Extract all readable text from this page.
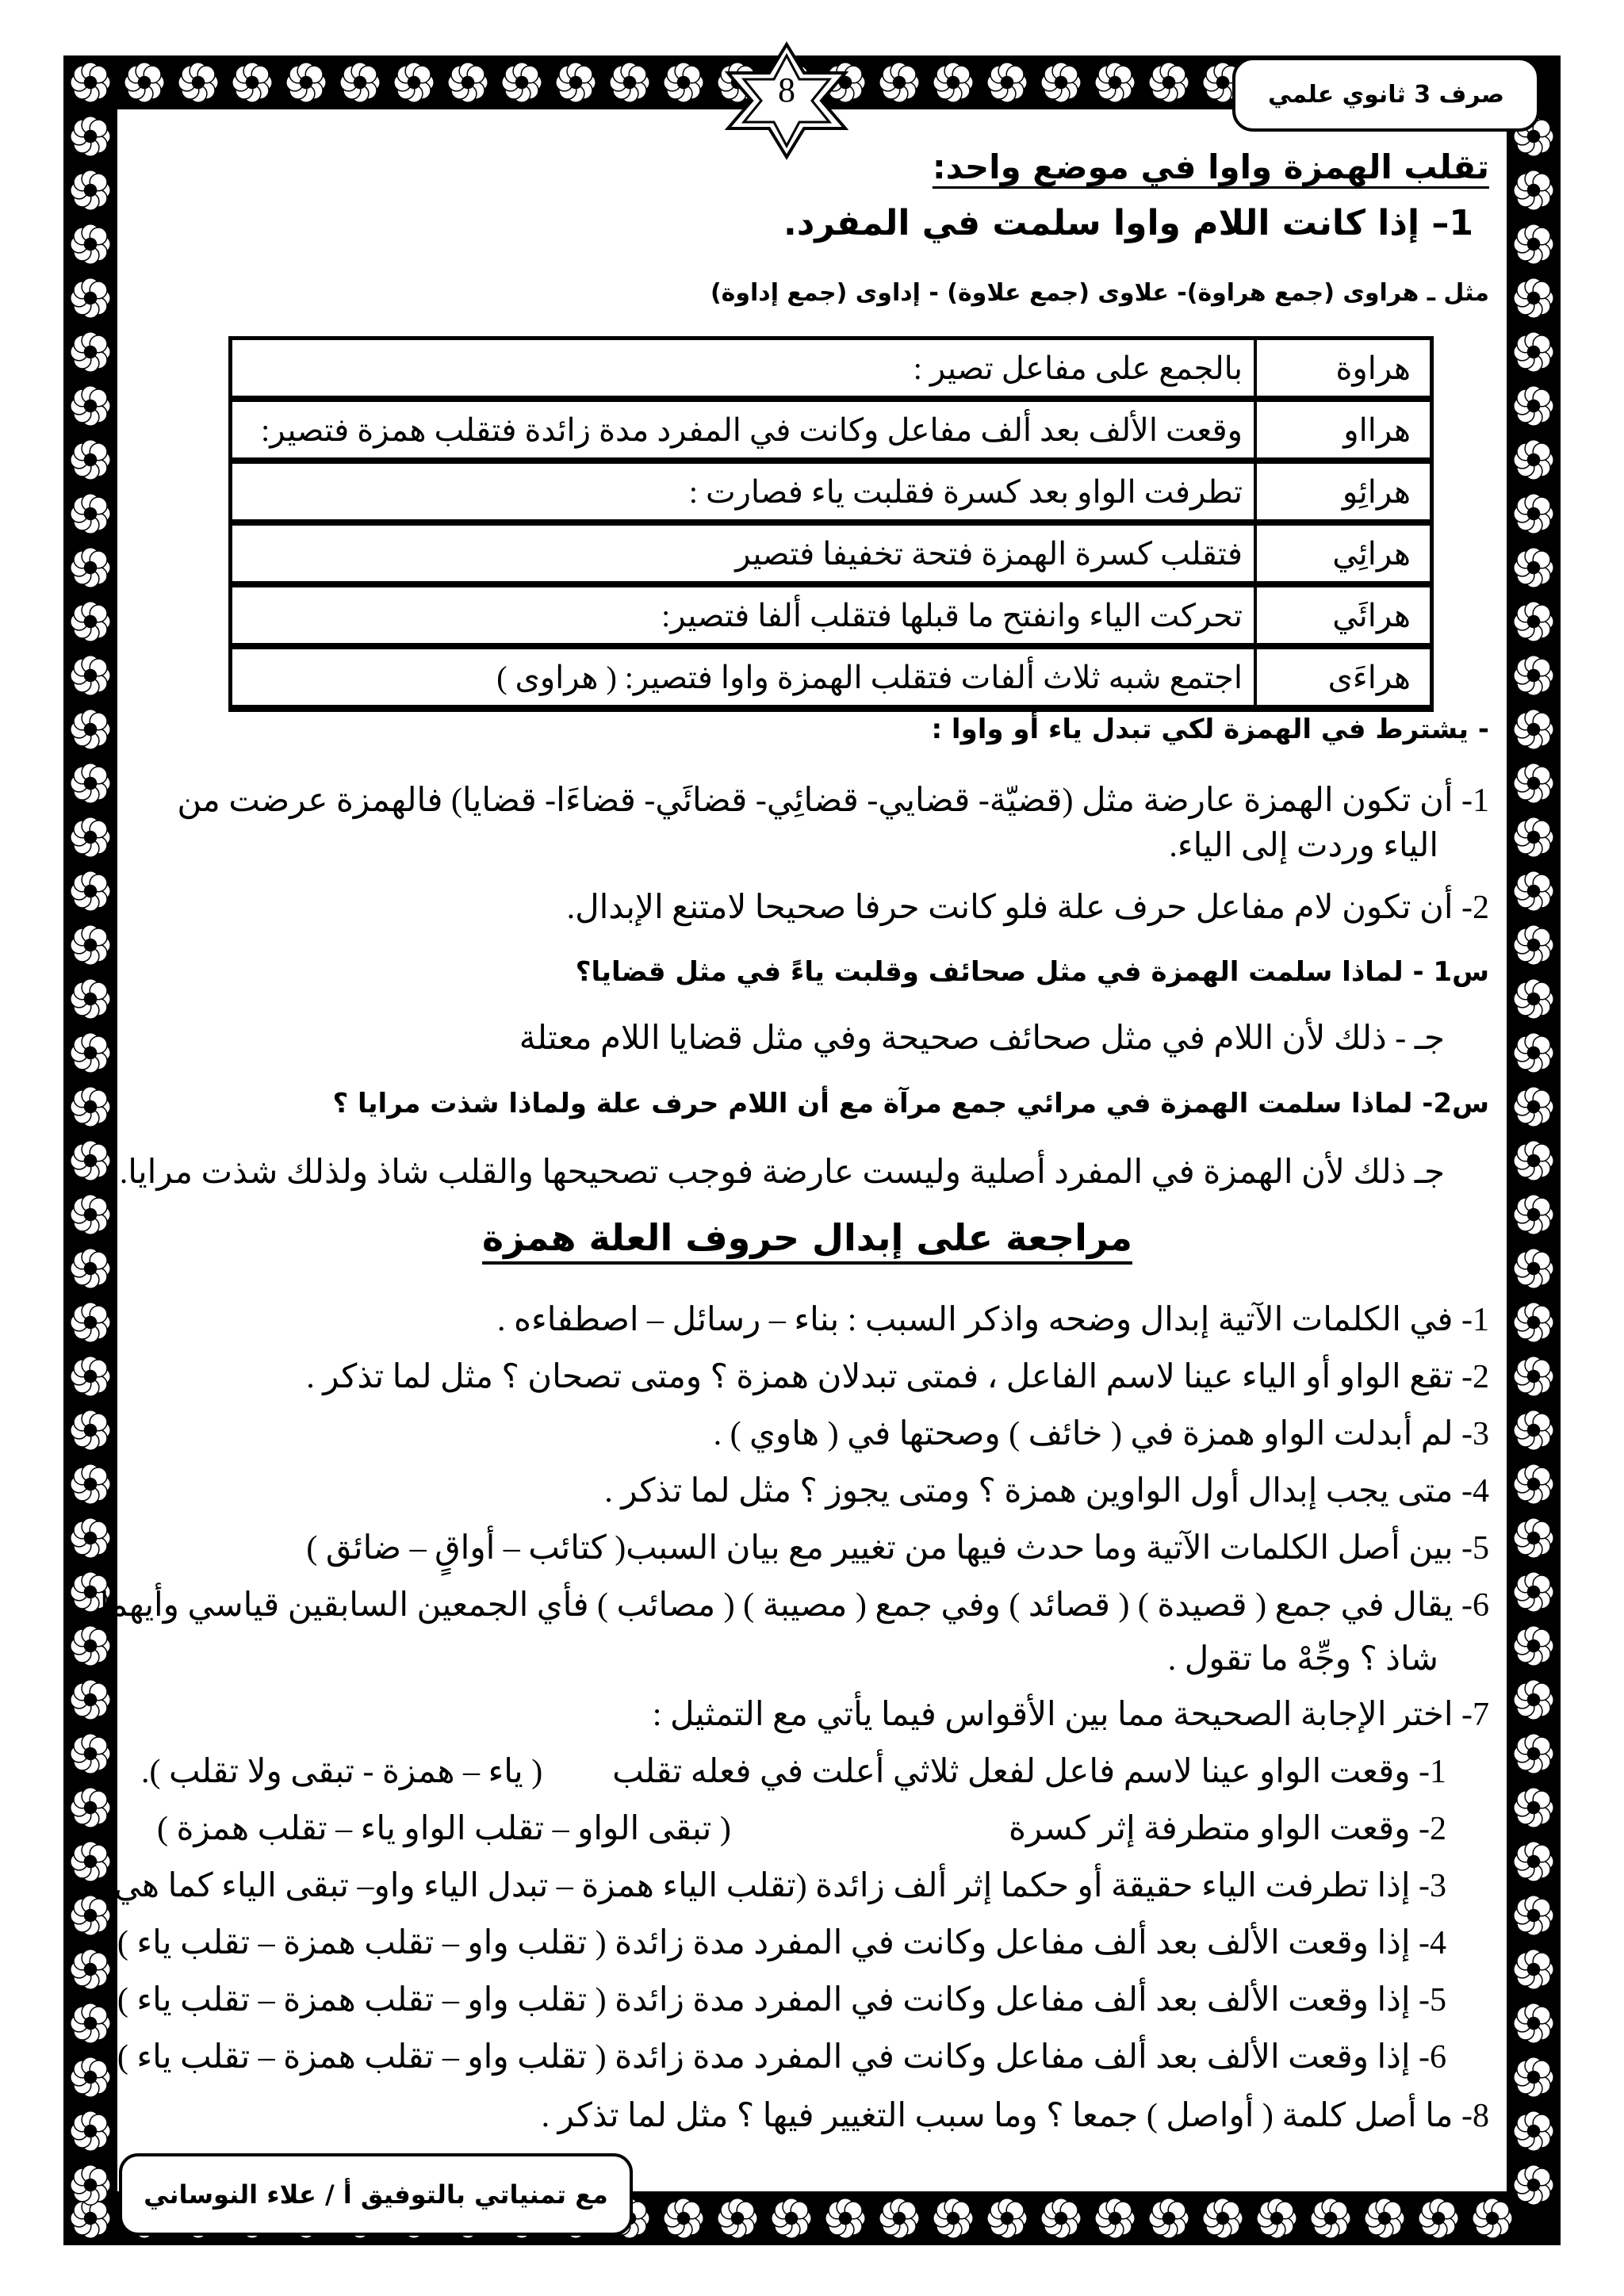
صرف 3 ثانوي علمي
8
تقلب الهمزة واوا في موضع واحد:
1– إذا كانت اللام واوا سلمت في المفرد.
مثل ـ هراوى (جمع هراوة)- علاوى (جمع علاوة) - إداوى (جمع إداوة)
هراوة	بالجمع على مفاعل تصير :
هرااو	وقعت الألف بعد ألف مفاعل وكانت في المفرد مدة زائدة فتقلب همزة فتصير:
هرائِو	تطرفت الواو بعد كسرة فقلبت ياء فصارت :
هرائِي	فتقلب كسرة الهمزة فتحة تخفيفا فتصير
هرائَي	تحركت الياء وانفتح ما قبلها فتقلب ألفا فتصير:
هراءَى	اجتمع شبه ثلاث ألفات فتقلب الهمزة واوا فتصير: ( هراوى )
- يشترط في الهمزة لكي تبدل ياء أو واوا :
1- أن تكون الهمزة عارضة مثل (قضيّة- قضايي- قضائِي- قضائَي- قضاءَا- قضايا) فالهمزة عرضت من
الياء وردت إلى الياء.
2- أن تكون لام مفاعل حرف علة فلو كانت حرفا صحيحا لامتنع الإبدال.
س1 - لماذا سلمت الهمزة في مثل صحائف وقلبت ياءً في مثل قضايا؟
جـ - ذلك لأن اللام في مثل صحائف صحيحة وفي مثل قضايا اللام معتلة
س2- لماذا سلمت الهمزة في مرائي جمع مرآة مع أن اللام حرف علة ولماذا شذت مرايا ؟
جـ ذلك لأن الهمزة في المفرد أصلية وليست عارضة فوجب تصحيحها والقلب شاذ ولذلك شذت مرايا.
مراجعة على إبدال حروف العلة همزة
1- في الكلمات الآتية إبدال وضحه واذكر السبب : بناء – رسائل – اصطفاءه .
2- تقع الواو أو الياء عينا لاسم الفاعل ، فمتى تبدلان همزة ؟ ومتى تصحان ؟ مثل لما تذكر .
3- لم أبدلت الواو همزة في ( خائف ) وصحتها في ( هاوي ) .
4- متى يجب إبدال أول الواوين همزة ؟ ومتى يجوز ؟ مثل لما تذكر .
5- بين أصل الكلمات الآتية وما حدث فيها من تغيير مع بيان السبب( كتائب – أواقٍ – ضائق )
6- يقال في جمع ( قصيدة ) ( قصائد ) وفي جمع ( مصيبة ) ( مصائب ) فأي الجمعين السابقين قياسي وأيهما
شاذ ؟ وجِّهْ ما تقول .
7- اختر الإجابة الصحيحة مما بين الأقواس فيما يأتي مع التمثيل :
1- وقعت الواو عينا لاسم فاعل لفعل ثلاثي أعلت في فعله تقلب
( ياء – همزة - تبقى ولا تقلب ).
2- وقعت الواو متطرفة إثر كسرة
( تبقى الواو – تقلب الواو ياء – تقلب همزة )
3- إذا تطرفت الياء حقيقة أو حكما إثر ألف زائدة (تقلب الياء همزة – تبدل الياء واو– تبقى الياء كما هي)
4- إذا وقعت الألف بعد ألف مفاعل وكانت في المفرد مدة زائدة ( تقلب واو – تقلب همزة – تقلب ياء )
5- إذا وقعت الألف بعد ألف مفاعل وكانت في المفرد مدة زائدة ( تقلب واو – تقلب همزة – تقلب ياء )
6- إذا وقعت الألف بعد ألف مفاعل وكانت في المفرد مدة زائدة ( تقلب واو – تقلب همزة – تقلب ياء )
8- ما أصل كلمة ( أواصل ) جمعا ؟ وما سبب التغيير فيها ؟ مثل لما تذكر .
مع تمنياتي بالتوفيق أ / علاء النوساني
